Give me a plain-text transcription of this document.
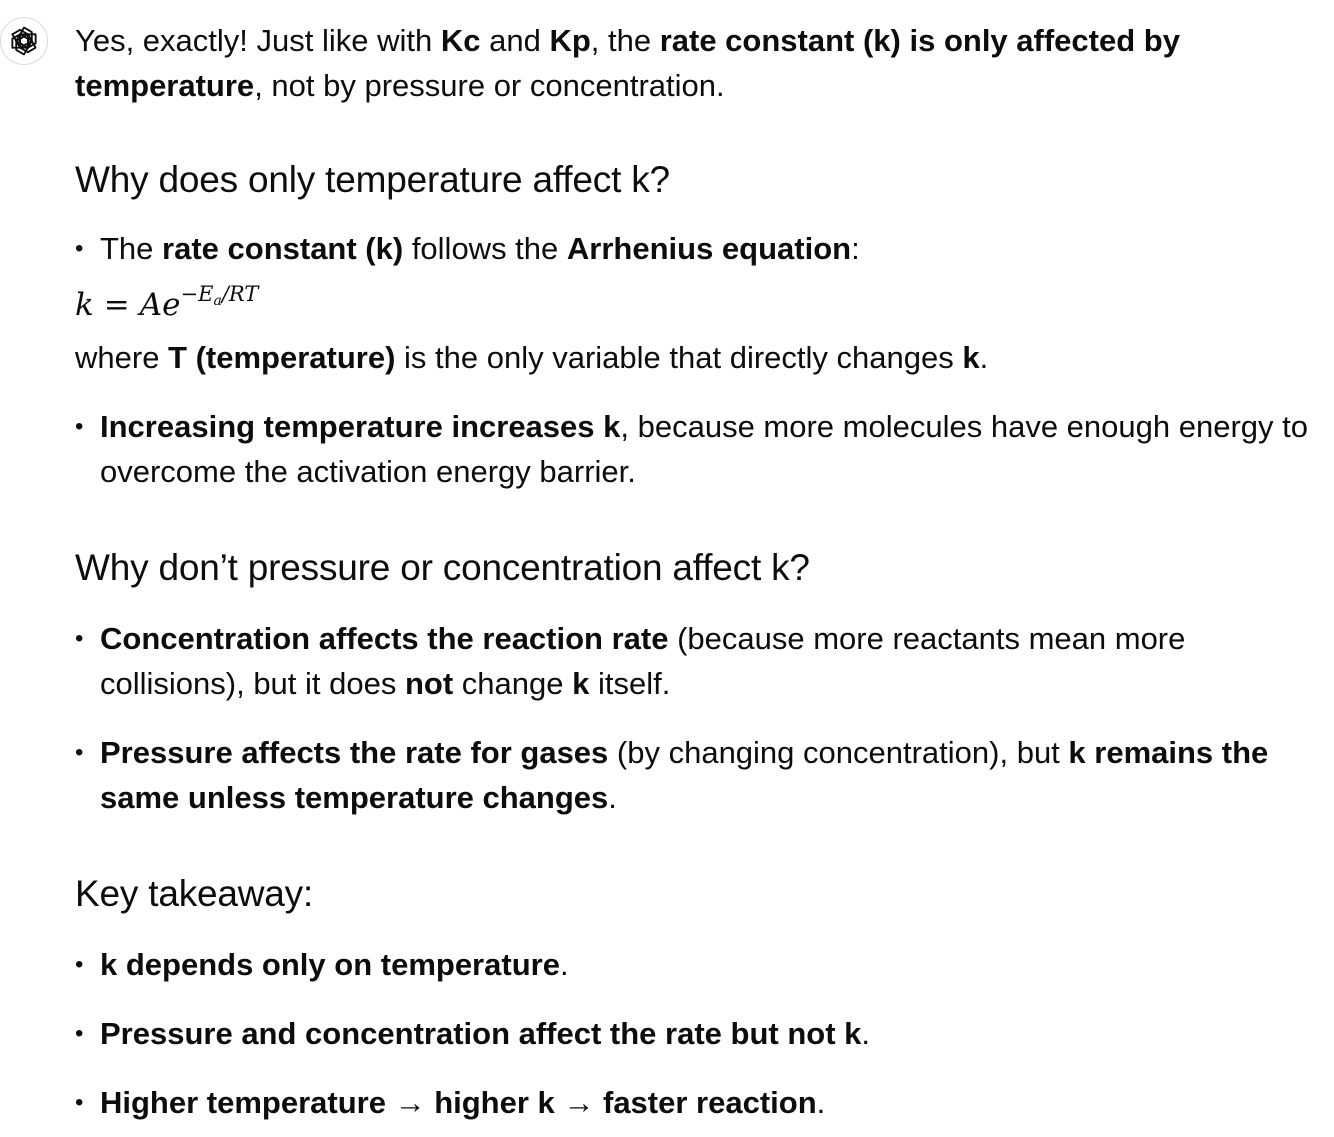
Yes, exactly! Just like with Kc and Kp, the rate constant (k) is only affected by temperature, not by pressure or concentration.

Why does only temperature affect k?
• The rate constant (k) follows the Arrhenius equation:
$k = Ae^{-E_a/RT}$

where T (temperature) is the only variable that directly changes k.

• Increasing temperature increases k, because more molecules have enough energy to overcome the activation energy barrier.
Why don’t pressure or concentration affect k?
• Concentration affects the reaction rate (because more reactants mean more collisions), but it does not change k itself.
• Pressure affects the rate for gases (by changing concentration), but k remains the same unless temperature changes.
Key takeaway:
• k depends only on temperature.
• Pressure and concentration affect the rate but not k.
• Higher temperature → higher k → faster reaction.
